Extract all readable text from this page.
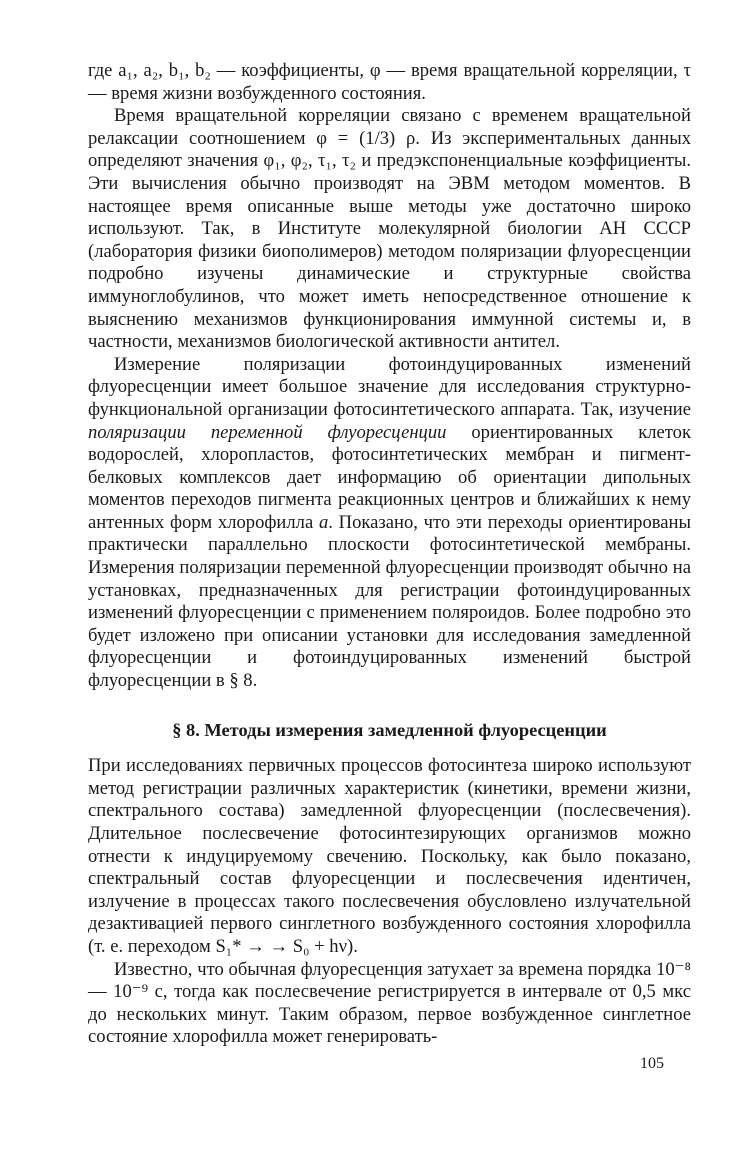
где a₁, a₂, b₁, b₂ — коэффициенты, φ — время вращательной корреляции, τ — время жизни возбужденного состояния.

Время вращательной корреляции связано с временем вращательной релаксации соотношением φ = (1/3) ρ. Из экспериментальных данных определяют значения φ₁, φ₂, τ₁, τ₂ и предэкспоненциальные коэффициенты. Эти вычисления обычно производят на ЭВМ методом моментов. В настоящее время описанные выше методы уже достаточно широко используют. Так, в Институте молекулярной биологии АН СССР (лаборатория физики биополимеров) методом поляризации флуоресценции подробно изучены динамические и структурные свойства иммуноглобулинов, что может иметь непосредственное отношение к выяснению механизмов функционирования иммунной системы и, в частности, механизмов биологической активности антител.

Измерение поляризации фотоиндуцированных изменений флуоресценции имеет большое значение для исследования структурно-функциональной организации фотосинтетического аппарата. Так, изучение поляризации переменной флуоресценции ориентированных клеток водорослей, хлоропластов, фотосинтетических мембран и пигмент-белковых комплексов дает информацию об ориентации дипольных моментов переходов пигмента реакционных центров и ближайших к нему антенных форм хлорофилла a. Показано, что эти переходы ориентированы практически параллельно плоскости фотосинтетической мембраны. Измерения поляризации переменной флуоресценции производят обычно на установках, предназначенных для регистрации фотоиндуцированных изменений флуоресценции с применением поляроидов. Более подробно это будет изложено при описании установки для исследования замедленной флуоресценции и фотоиндуцированных изменений быстрой флуоресценции в § 8.

§ 8. Методы измерения замедленной флуоресценции

При исследованиях первичных процессов фотосинтеза широко используют метод регистрации различных характеристик (кинетики, времени жизни, спектрального состава) замедленной флуоресценции (послесвечения). Длительное послесвечение фотосинтезирующих организмов можно отнести к индуцируемому свечению. Поскольку, как было показано, спектральный состав флуоресценции и послесвечения идентичен, излучение в процессах такого послесвечения обусловлено излучательной дезактивацией первого синглетного возбужденного состояния хлорофилла (т. е. переходом S₁* → → S₀ + hν).

Известно, что обычная флуоресценция затухает за времена порядка 10⁻⁸ — 10⁻⁹ с, тогда как послесвечение регистрируется в интервале от 0,5 мкс до нескольких минут. Таким образом, первое возбужденное синглетное состояние хлорофилла может генерировать-

105
